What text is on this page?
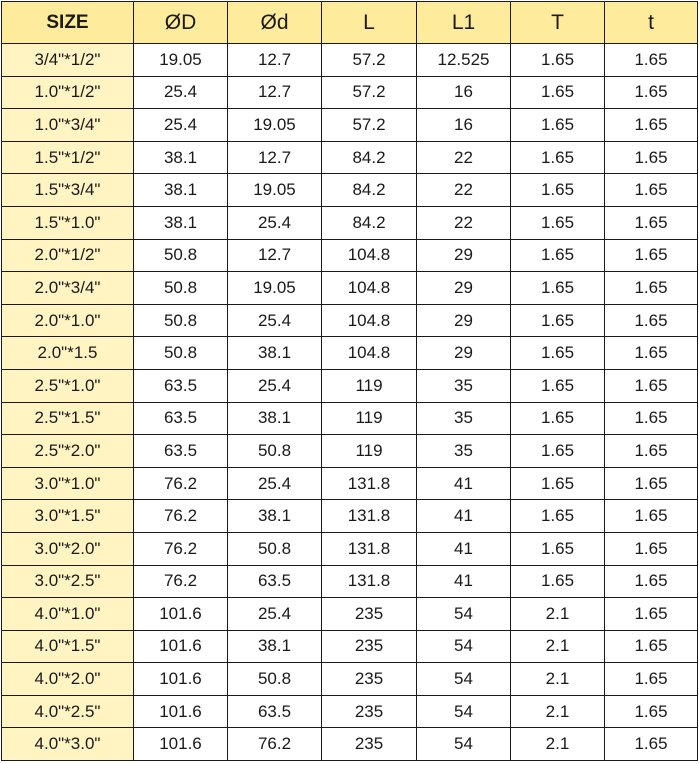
SIZE	ØD	Ød	L	L1	T	t
3/4"*1/2"	19.05	12.7	57.2	12.525	1.65	1.65
1.0"*1/2"	25.4	12.7	57.2	16	1.65	1.65
1.0"*3/4"	25.4	19.05	57.2	16	1.65	1.65
1.5"*1/2"	38.1	12.7	84.2	22	1.65	1.65
1.5"*3/4"	38.1	19.05	84.2	22	1.65	1.65
1.5"*1.0"	38.1	25.4	84.2	22	1.65	1.65
2.0"*1/2"	50.8	12.7	104.8	29	1.65	1.65
2.0"*3/4"	50.8	19.05	104.8	29	1.65	1.65
2.0"*1.0"	50.8	25.4	104.8	29	1.65	1.65
2.0"*1.5	50.8	38.1	104.8	29	1.65	1.65
2.5"*1.0"	63.5	25.4	119	35	1.65	1.65
2.5"*1.5"	63.5	38.1	119	35	1.65	1.65
2.5"*2.0"	63.5	50.8	119	35	1.65	1.65
3.0"*1.0"	76.2	25.4	131.8	41	1.65	1.65
3.0"*1.5"	76.2	38.1	131.8	41	1.65	1.65
3.0"*2.0"	76.2	50.8	131.8	41	1.65	1.65
3.0"*2.5"	76.2	63.5	131.8	41	1.65	1.65
4.0"*1.0"	101.6	25.4	235	54	2.1	1.65
4.0"*1.5"	101.6	38.1	235	54	2.1	1.65
4.0"*2.0"	101.6	50.8	235	54	2.1	1.65
4.0"*2.5"	101.6	63.5	235	54	2.1	1.65
4.0"*3.0"	101.6	76.2	235	54	2.1	1.65
